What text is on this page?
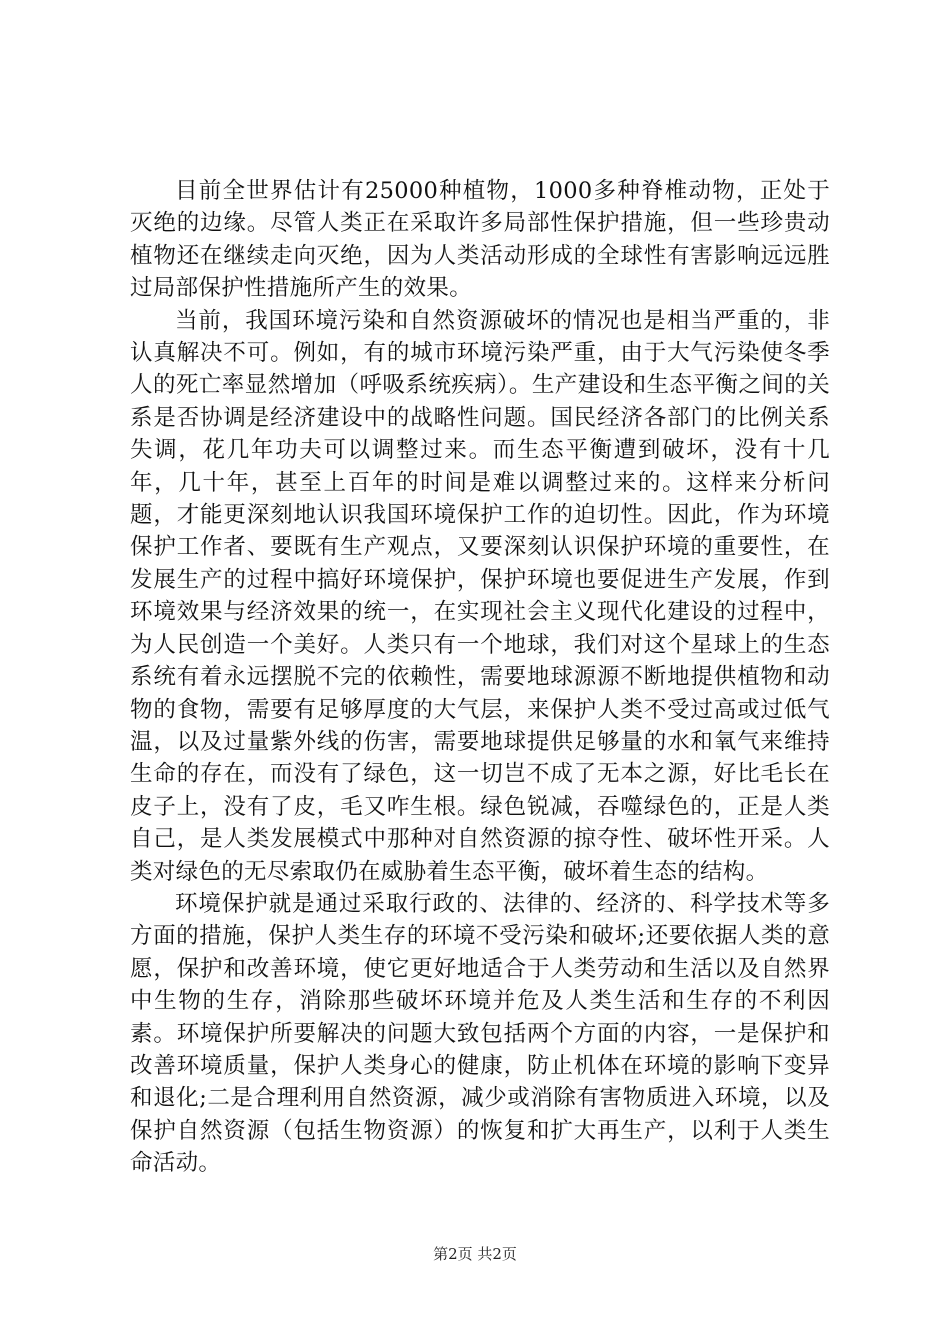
目前全世界估计有25000种植物，1000多种脊椎动物，正处于灭绝的边缘。尽管人类正在采取许多局部性保护措施，但一些珍贵动植物还在继续走向灭绝，因为人类活动形成的全球性有害影响远远胜过局部保护性措施所产生的效果。

当前，我国环境污染和自然资源破坏的情况也是相当严重的，非认真解决不可。例如，有的城市环境污染严重，由于大气污染使冬季人的死亡率显然增加（呼吸系统疾病）。生产建设和生态平衡之间的关系是否协调是经济建设中的战略性问题。国民经济各部门的比例关系失调，花几年功夫可以调整过来。而生态平衡遭到破坏，没有十几年，几十年，甚至上百年的时间是难以调整过来的。这样来分析问题，才能更深刻地认识我国环境保护工作的迫切性。因此，作为环境保护工作者、要既有生产观点，又要深刻认识保护环境的重要性，在发展生产的过程中搞好环境保护，保护环境也要促进生产发展，作到环境效果与经济效果的统一，在实现社会主义现代化建设的过程中，为人民创造一个美好。人类只有一个地球，我们对这个星球上的生态系统有着永远摆脱不完的依赖性，需要地球源源不断地提供植物和动物的食物，需要有足够厚度的大气层，来保护人类不受过高或过低气温，以及过量紫外线的伤害，需要地球提供足够量的水和氧气来维持生命的存在，而没有了绿色，这一切岂不成了无本之源，好比毛长在皮子上，没有了皮，毛又咋生根。绿色锐减，吞噬绿色的，正是人类自己，是人类发展模式中那种对自然资源的掠夺性、破坏性开采。人类对绿色的无尽索取仍在威胁着生态平衡，破坏着生态的结构。

环境保护就是通过采取行政的、法律的、经济的、科学技术等多方面的措施，保护人类生存的环境不受污染和破坏;还要依据人类的意愿，保护和改善环境，使它更好地适合于人类劳动和生活以及自然界中生物的生存，消除那些破坏环境并危及人类生活和生存的不利因素。环境保护所要解决的问题大致包括两个方面的内容，一是保护和改善环境质量，保护人类身心的健康，防止机体在环境的影响下变异和退化;二是合理利用自然资源，减少或消除有害物质进入环境，以及保护自然资源（包括生物资源）的恢复和扩大再生产，以利于人类生命活动。

第2页 共2页
